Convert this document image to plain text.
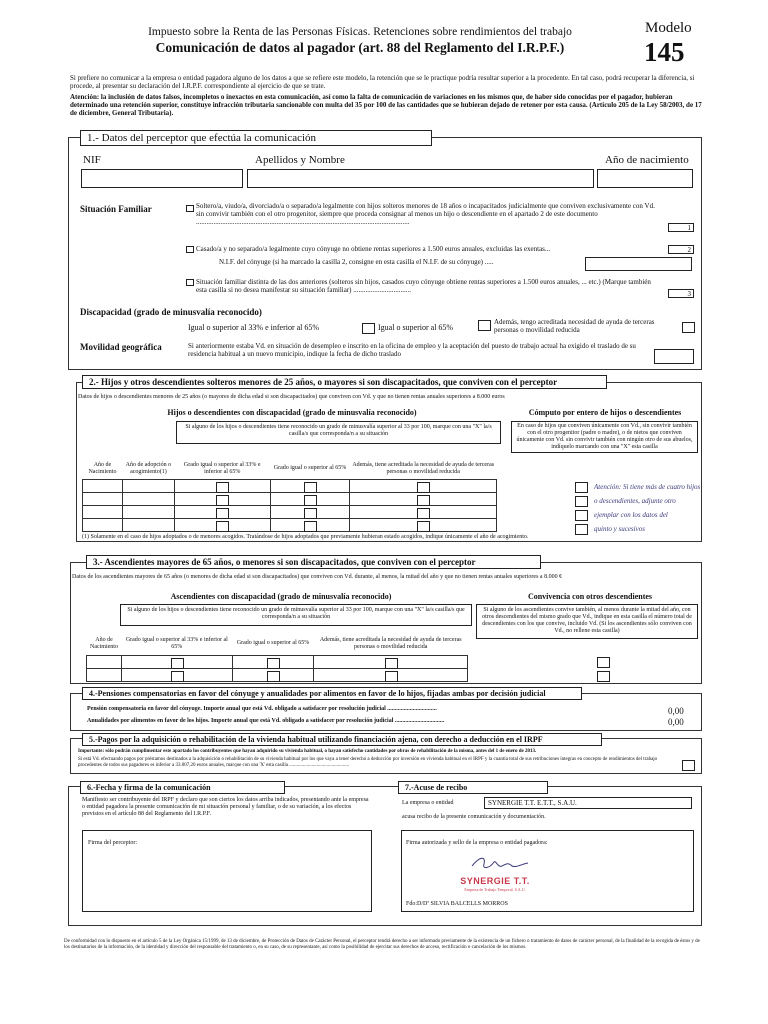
Impuesto sobre la Renta de las Personas Físicas. Retenciones sobre rendimientos del trabajo
Comunicación de datos al pagador (art. 88 del Reglamento del I.R.P.F.)
Modelo
145
Si prefiere no comunicar a la empresa o entidad pagadora alguno de los datos a que se refiere este modelo, la retención que se le practique podría resultar superior a la procedente. En tal caso, podrá recuperar la diferencia, si procede, al presentar su declaración del I.R.P.F. correspondiente al ejercicio de que se trate.
Atención: la inclusión de datos falsos, incompletos o inexactos en esta comunicación, así como la falta de comunicación de variaciones en los mismos que, de haber sido conocidas por el pagador, hubieran determinado una retención superior, constituye infracción tributaria sancionable con multa del 35 por 100 de las cantidades que se hubieran dejado de retener por esta causa. (Artículo 205 de la Ley 58/2003, de 17 de diciembre, General Tributaria).
1.- Datos del perceptor que efectúa la comunicación
NIF	Apellidos y Nombre	Año de nacimiento
Situación Familiar	Soltero/a, viudo/a, divorciado/a o separado/a legalmente con hijos solteros menores de 18 años o incapacitados judicialmente que conviven exclusivamente con Vd. sin convivir también con el otro progenitor, siempre que proceda consignar al menos un hijo o descendiente en el apartado 2 de este documento ..........................................................................................................................
1
Casado/a y no separado/a legalmente cuyo cónyuge no obtiene rentas superiores a 1.500 euros anuales, excluidas las exentas...	2
N.I.F. del cónyuge (si ha marcado la casilla 2, consigne en esta casilla el N.I.F. de su cónyuge) .....
Situación familiar distinta de las dos anteriores (solteros sin hijos, casados cuyo cónyuge obtiene rentas superiores a 1.500 euros anuales, ... etc.) (Marque también esta casilla si no desea manifestar su situación familiar) .................................	3
Discapacidad (grado de minusvalía reconocido)
Igual o superior al 33% e inferior al 65%	Igual o superior al 65%
Además, tengo acreditada necesidad de ayuda de terceras personas o movilidad reducida
Movilidad geográfica	Si anteriormente estaba Vd. en situación de desempleo e inscrito en la oficina de empleo y la aceptación del puesto de trabajo actual ha exigido el traslado de su residencia habitual a un nuevo municipio, indique la fecha de dicho traslado
2.- Hijos y otros descendientes solteros menores de 25 años, o mayores si son discapacitados, que conviven con el perceptor
Datos de hijos o descendientes menores de 25 años (o mayores de dicha edad si son discapacitados) que conviven con Vd. y que no tienen rentas anuales superiores a 8.000 euros
Hijos o descendientes con discapacidad (grado de minusvalía reconocido)	Cómputo por entero de hijos o descendientes
Si alguno de los hijos o descendientes tiene reconocido un grado de minusvalía superior al 33 por 100, marque con una "X" la/s casilla/s que corresponda/n a su situación
En caso de hijos que conviven únicamente con Vd., sin convivir también con el otro progenitor (padre o madre), o de nietos que conviven únicamente con Vd. sin convivir también con ningún otro de sus abuelos, indíquelo marcando con una "X" esta casilla
Año de Nacimiento	Año de adopción o acogimiento(1)	Grado igual o superior al 33% e inferior al 65%	Grado igual o superior al 65%	Además, tiene acreditada la necesidad de ayuda de terceras personas o movilidad reducida

Atención: Si tiene más de cuatro hijos
o descendientes, adjunte otro
ejemplar con los datos del
quinto y sucesivos
(1) Solamente en el caso de hijos adoptados o de menores acogidos. Tratándose de hijos adoptados que previamente hubieran estado acogidos, indique únicamente el año de acogimiento.
3.- Ascendientes mayores de 65 años, o menores si son discapacitados, que conviven con el perceptor
Datos de los ascendientes mayores de 65 años (o menores de dicha edad si son discapacitados) que conviven con Vd. durante, al menos, la mitad del año y que no tienen rentas anuales superiores a 8.000 €
Ascendientes con discapacidad (grado de minusvalía reconocido)	Convivencia con otros descendientes
Si alguno de los hijos o descendientes tiene reconocido un grado de minusvalía superior al 33 por 100, marque con una "X" la/s casilla/s que corresponda/n a su situación
Si alguno de los ascendientes convive también, al menos durante la mitad del año, con otros descendientes del mismo grado que Vd., indique en esta casilla el número total de descendientes con los que convive, incluido Vd. (Si los ascendientes sólo conviven con Vd., no rellene esta casilla)
Año de Nacimiento	Grado igual o superior al 33% e inferior al 65%	Grado igual o superior al 65%	Además, tiene acreditada la necesidad de ayuda de terceras personas o movilidad reducida

4.-Pensiones compensatorias en favor del cónyuge y anualidades por alimentos en favor de lo hijos, fijadas ambas por decisión judicial
Pensión compensatoria en favor del cónyuge. Importe anual que está Vd. obligado a satisfacer por resolución judicial .................................	0,00
Anualidades por alimentos en favor de los hijos. Importe anual que está Vd. obligado a satisfacer por resolución judicial .................................	0,00
5.-Pagos por la adquisición o rehabilitación de la vivienda habitual utilizando financiación ajena, con derecho a deducción en el IRPF
Importante: sólo podrán cumplimentar este apartado los contribuyentes que hayan adquirido su vivienda habitual, o hayan satisfecho cantidades por obras de rehabilitación de la misma, antes del 1 de enero de 2013.
Si está Vd. efectuando pagos por préstamos destinados a la adquisición o rehabilitación de su vivienda habitual por los que vaya a tener derecho a deducción por inversión en vivienda habitual en el IRPF y la cuantía total de sus retribuciones íntegras en concepto de rendimientos del trabajo procedentes de todos sus pagadores es inferior a 33.007,20 euros anuales, marque con una 'X' esta casilla ................................................
6.-Fecha y firma de la comunicación
Manifiesto ser contribuyente del IRPF y declaro que son ciertos los datos arriba indicados, presentando ante la empresa o entidad pagadora la presente comunicación de mi situación personal y familiar, o de su variación, a los efectos previstos en el artículo 88 del Reglamento del I.R.P.F.
Firma del perceptor:
7.-Acuse de recibo
La empresa o entidad	SYNERGIE T.T. E.T.T., S.A.U.
acusa recibo de la presente comunicación y documentación.
Firma autorizada y sello de la empresa o entidad pagadora:
SYNERGIE T.T.
Empresa de Trabajo Temporal, S.A.U.
Fdo:D/Dª SILVIA BALCELLS MORROS
De conformidad con lo dispuesto en el artículo 5 de la Ley Orgánica 15/1999, de 13 de diciembre, de Protección de Datos de Carácter Personal, el perceptor tendrá derecho a ser informado previamente de la existencia de un fichero o tratamiento de datos de carácter personal, de la finalidad de la recogida de éstos y de los destinatarios de la información, de la identidad y dirección del responsable del tratamiento o, en su caso, de su representante, así como la posibilidad de ejercitar sus derechos de acceso, rectificación o cancelación de los mismos.
